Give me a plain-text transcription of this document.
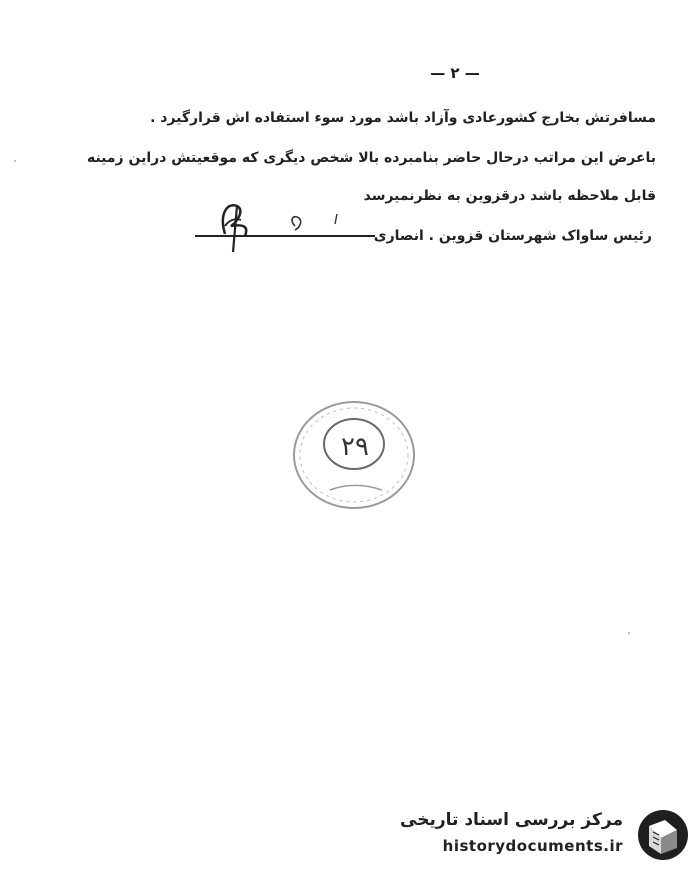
— ۲ —
مسافرتش بخارج کشورعادی وآزاد باشد مورد سوء استفاده اش قرارگیرد .
باعرض این مراتب درحال حاضر بنامبرده بالا شخص دیگری که موقعیتش دراین زمینه
قابل ملاحظه باشد درقزوین به نظرنمیرسد
رئیس ساواک شهرستان قزوین . انصاری
۲۹
مرکز بررسی اسناد تاریخی
historydocuments.ir
